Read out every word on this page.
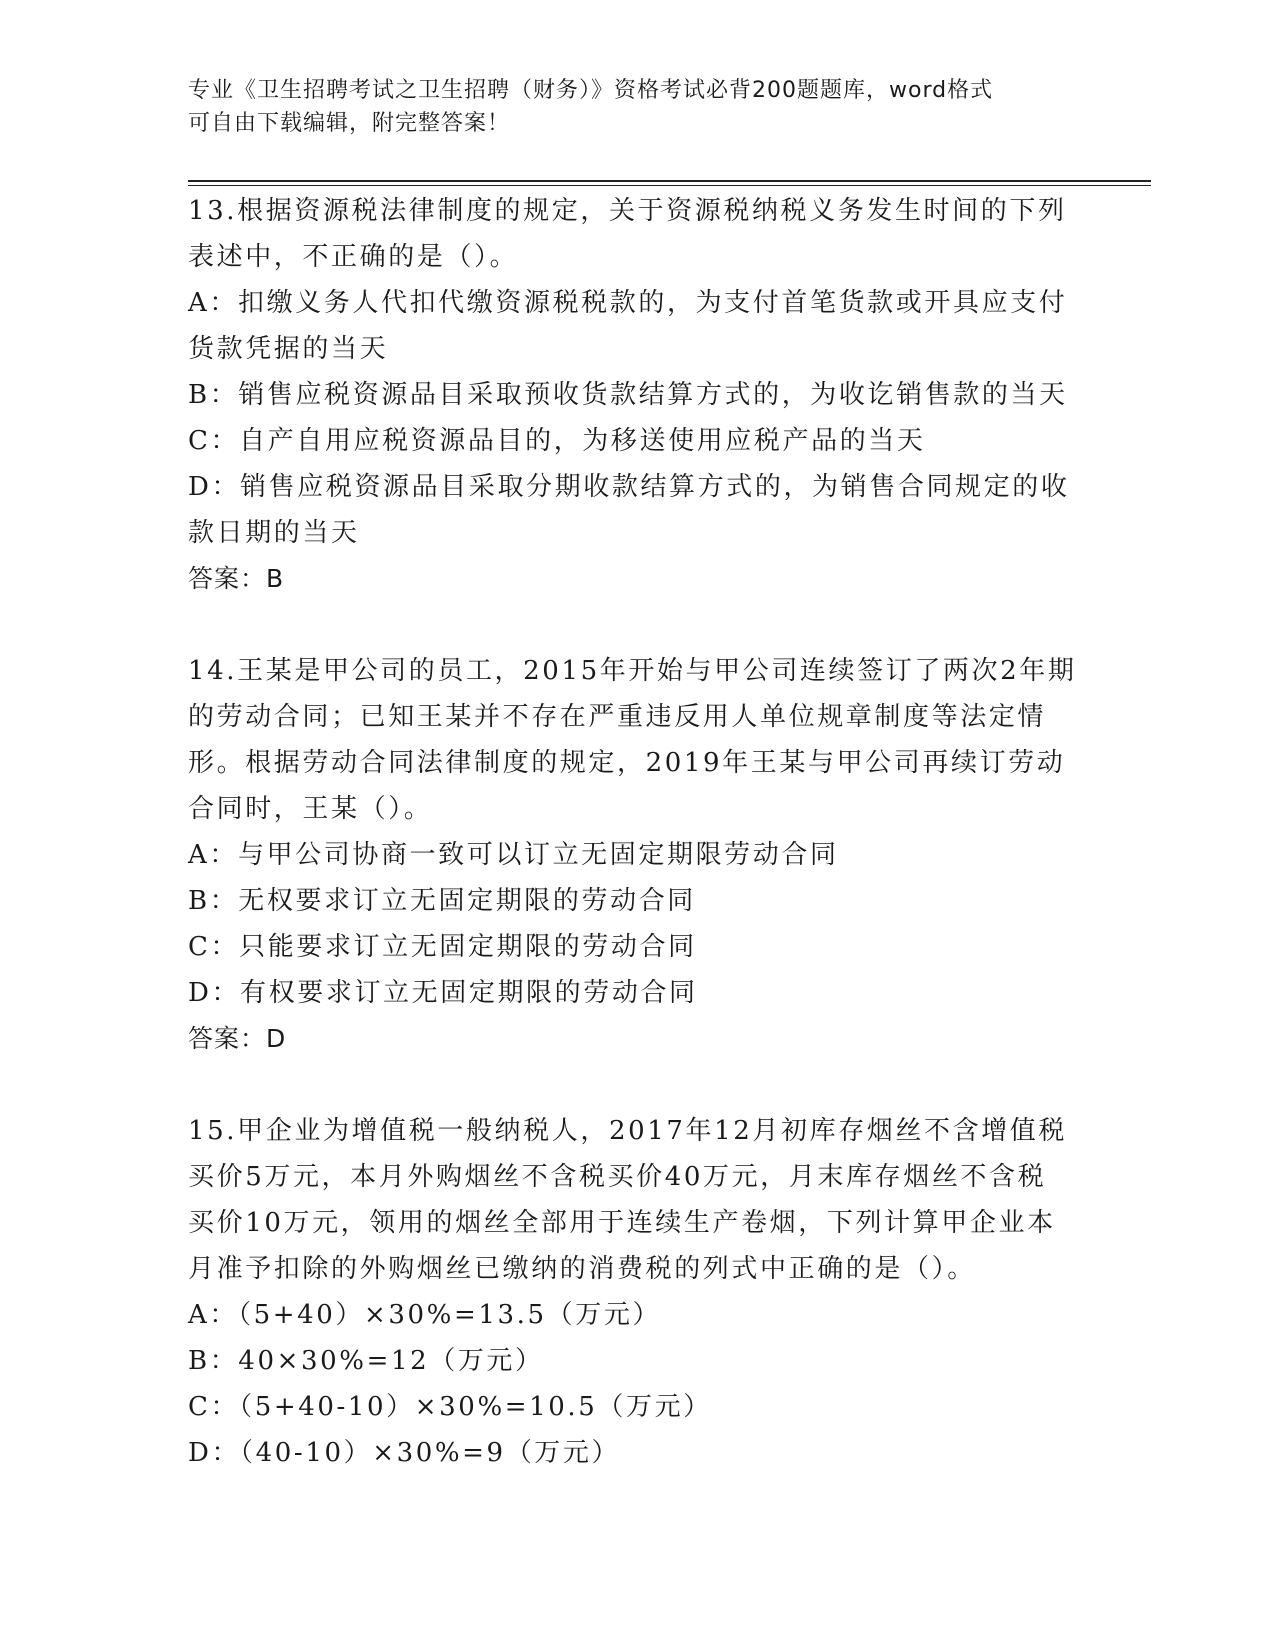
专业《卫生招聘考试之卫生招聘（财务）》资格考试必背200题题库，word格式
可自由下载编辑，附完整答案！
13.根据资源税法律制度的规定，关于资源税纳税义务发生时间的下列
表述中，不正确的是（）。
A：扣缴义务人代扣代缴资源税税款的，为支付首笔货款或开具应支付
货款凭据的当天
B：销售应税资源品目采取预收货款结算方式的，为收讫销售款的当天
C：自产自用应税资源品目的，为移送使用应税产品的当天
D：销售应税资源品目采取分期收款结算方式的，为销售合同规定的收
款日期的当天
答案：B
14.王某是甲公司的员工，2015年开始与甲公司连续签订了两次2年期
的劳动合同；已知王某并不存在严重违反用人单位规章制度等法定情
形。根据劳动合同法律制度的规定，2019年王某与甲公司再续订劳动
合同时，王某（）。
A：与甲公司协商一致可以订立无固定期限劳动合同
B：无权要求订立无固定期限的劳动合同
C：只能要求订立无固定期限的劳动合同
D：有权要求订立无固定期限的劳动合同
答案：D
15.甲企业为增值税一般纳税人，2017年12月初库存烟丝不含增值税
买价5万元，本月外购烟丝不含税买价40万元，月末库存烟丝不含税
买价10万元，领用的烟丝全部用于连续生产卷烟，下列计算甲企业本
月准予扣除的外购烟丝已缴纳的消费税的列式中正确的是（）。
A：（5+40）×30%=13.5（万元）
B：40×30%=12（万元）
C：（5+40-10）×30%=10.5（万元）
D：（40-10）×30%=9（万元）
